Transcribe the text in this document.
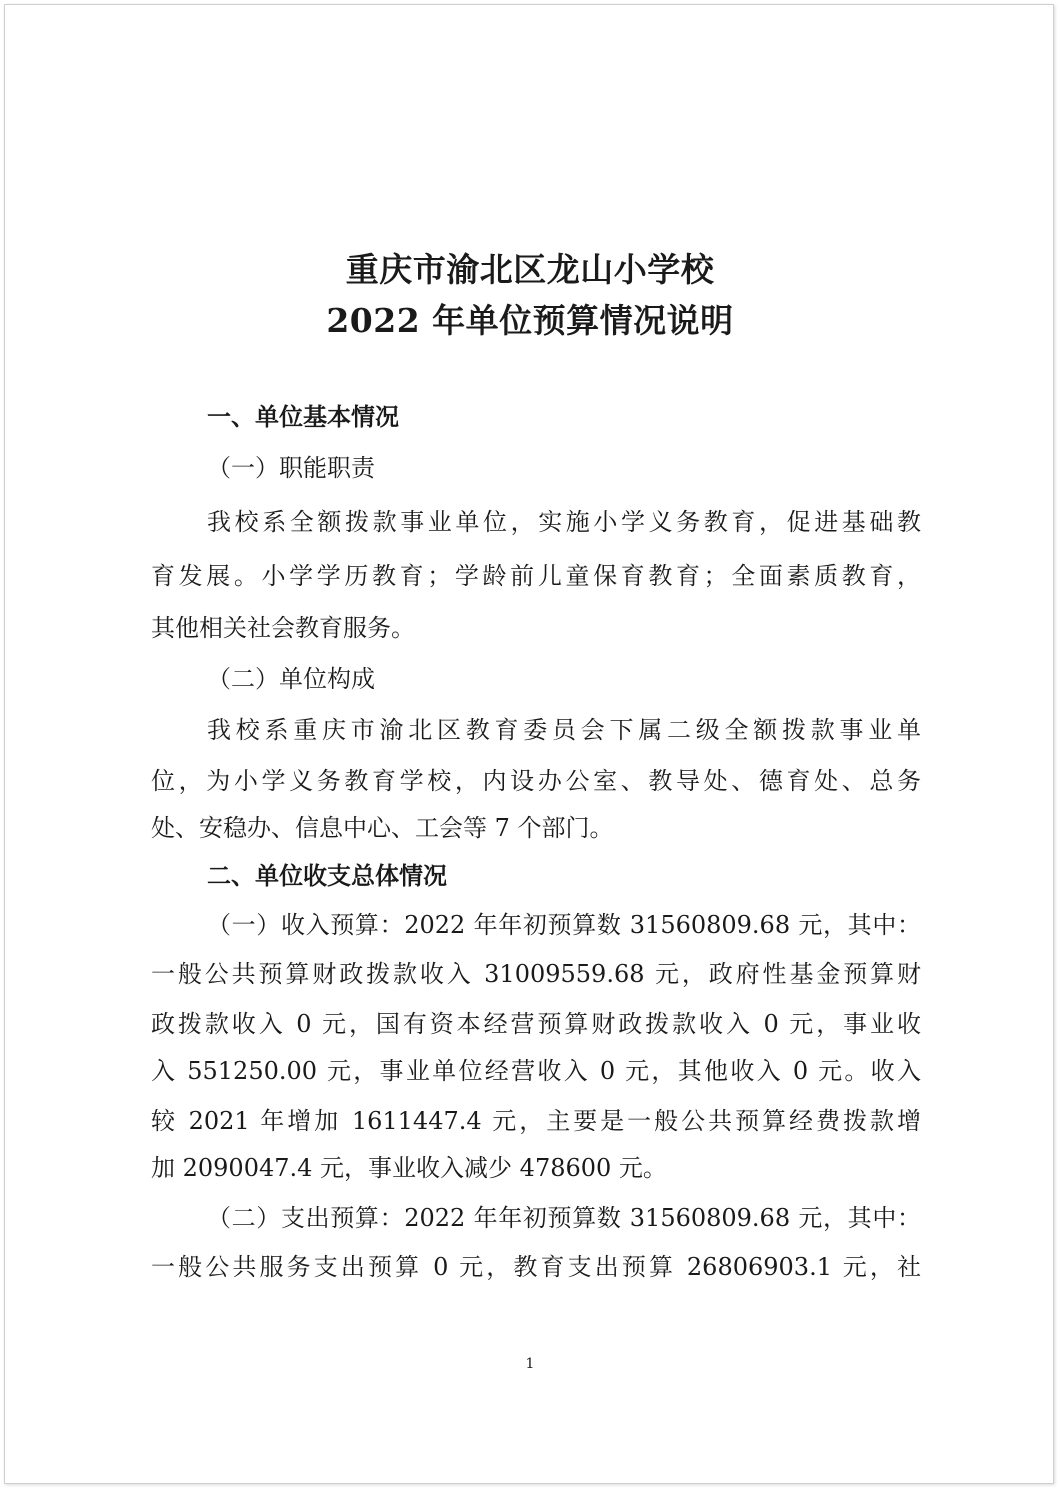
重庆市渝北区龙山小学校
2022 年单位预算情况说明
一、单位基本情况
（一）职能职责
我校系全额拨款事业单位，实施小学义务教育，促进基础教
育发展。小学学历教育；学龄前儿童保育教育；全面素质教育，
其他相关社会教育服务。
（二）单位构成
我校系重庆市渝北区教育委员会下属二级全额拨款事业单
位，为小学义务教育学校，内设办公室、教导处、德育处、总务
处、安稳办、信息中心、工会等 7 个部门。
二、单位收支总体情况
（一）收入预算：2022 年年初预算数 31560809.68 元，其中：
一般公共预算财政拨款收入 31009559.68 元，政府性基金预算财
政拨款收入 0 元，国有资本经营预算财政拨款收入 0 元，事业收
入 551250.00 元，事业单位经营收入 0 元，其他收入 0 元。收入
较 2021 年增加 1611447.4 元，主要是一般公共预算经费拨款增
加 2090047.4 元，事业收入减少 478600 元。
（二）支出预算：2022 年年初预算数 31560809.68 元，其中：
一般公共服务支出预算 0 元，教育支出预算 26806903.1 元，社
1
